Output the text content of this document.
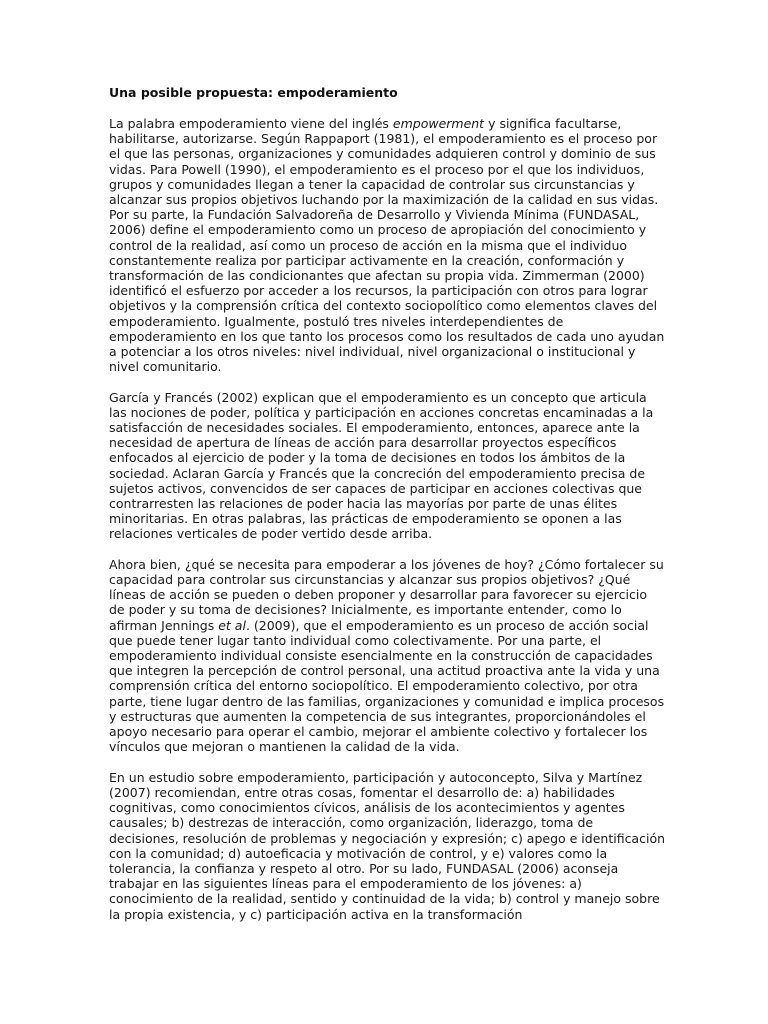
Una posible propuesta: empoderamiento

La palabra empoderamiento viene del inglés empowerment y significa facultarse, habilitarse, autorizarse. Según Rappaport (1981), el empoderamiento es el proceso por el que las personas, organizaciones y comunidades adquieren control y dominio de sus vidas. Para Powell (1990), el empoderamiento es el proceso por el que los individuos, grupos y comunidades llegan a tener la capacidad de controlar sus circunstancias y alcanzar sus propios objetivos luchando por la maximización de la calidad en sus vidas. Por su parte, la Fundación Salvadoreña de Desarrollo y Vivienda Mínima (FUNDASAL, 2006) define el empoderamiento como un proceso de apropiación del conocimiento y control de la realidad, así como un proceso de acción en la misma que el individuo constantemente realiza por participar activamente en la creación, conformación y transformación de las condicionantes que afectan su propia vida. Zimmerman (2000) identificó el esfuerzo por acceder a los recursos, la participación con otros para lograr objetivos y la comprensión crítica del contexto sociopolítico como elementos claves del empoderamiento. Igualmente, postuló tres niveles interdependientes de empoderamiento en los que tanto los procesos como los resultados de cada uno ayudan a potenciar a los otros niveles: nivel individual, nivel organizacional o institucional y nivel comunitario.

García y Francés (2002) explican que el empoderamiento es un concepto que articula las nociones de poder, política y participación en acciones concretas encaminadas a la satisfacción de necesidades sociales. El empoderamiento, entonces, aparece ante la necesidad de apertura de líneas de acción para desarrollar proyectos específicos enfocados al ejercicio de poder y la toma de decisiones en todos los ámbitos de la sociedad. Aclaran García y Francés que la concreción del empoderamiento precisa de sujetos activos, convencidos de ser capaces de participar en acciones colectivas que contrarresten las relaciones de poder hacia las mayorías por parte de unas élites minoritarias. En otras palabras, las prácticas de empoderamiento se oponen a las relaciones verticales de poder vertido desde arriba.

Ahora bien, ¿qué se necesita para empoderar a los jóvenes de hoy? ¿Cómo fortalecer su capacidad para controlar sus circunstancias y alcanzar sus propios objetivos? ¿Qué líneas de acción se pueden o deben proponer y desarrollar para favorecer su ejercicio de poder y su toma de decisiones? Inicialmente, es importante entender, como lo afirman Jennings et al. (2009), que el empoderamiento es un proceso de acción social que puede tener lugar tanto individual como colectivamente. Por una parte, el empoderamiento individual consiste esencialmente en la construcción de capacidades que integren la percepción de control personal, una actitud proactiva ante la vida y una comprensión crítica del entorno sociopolítico. El empoderamiento colectivo, por otra parte, tiene lugar dentro de las familias, organizaciones y comunidad e implica procesos y estructuras que aumenten la competencia de sus integrantes, proporcionándoles el apoyo necesario para operar el cambio, mejorar el ambiente colectivo y fortalecer los vínculos que mejoran o mantienen la calidad de la vida.

En un estudio sobre empoderamiento, participación y autoconcepto, Silva y Martínez (2007) recomiendan, entre otras cosas, fomentar el desarrollo de: a) habilidades cognitivas, como conocimientos cívicos, análisis de los acontecimientos y agentes causales; b) destrezas de interacción, como organización, liderazgo, toma de decisiones, resolución de problemas y negociación y expresión; c) apego e identificación con la comunidad; d) autoeficacia y motivación de control, y e) valores como la tolerancia, la confianza y respeto al otro. Por su lado, FUNDASAL (2006) aconseja trabajar en las siguientes líneas para el empoderamiento de los jóvenes: a) conocimiento de la realidad, sentido y continuidad de la vida; b) control y manejo sobre la propia existencia, y c) participación activa en la transformación
